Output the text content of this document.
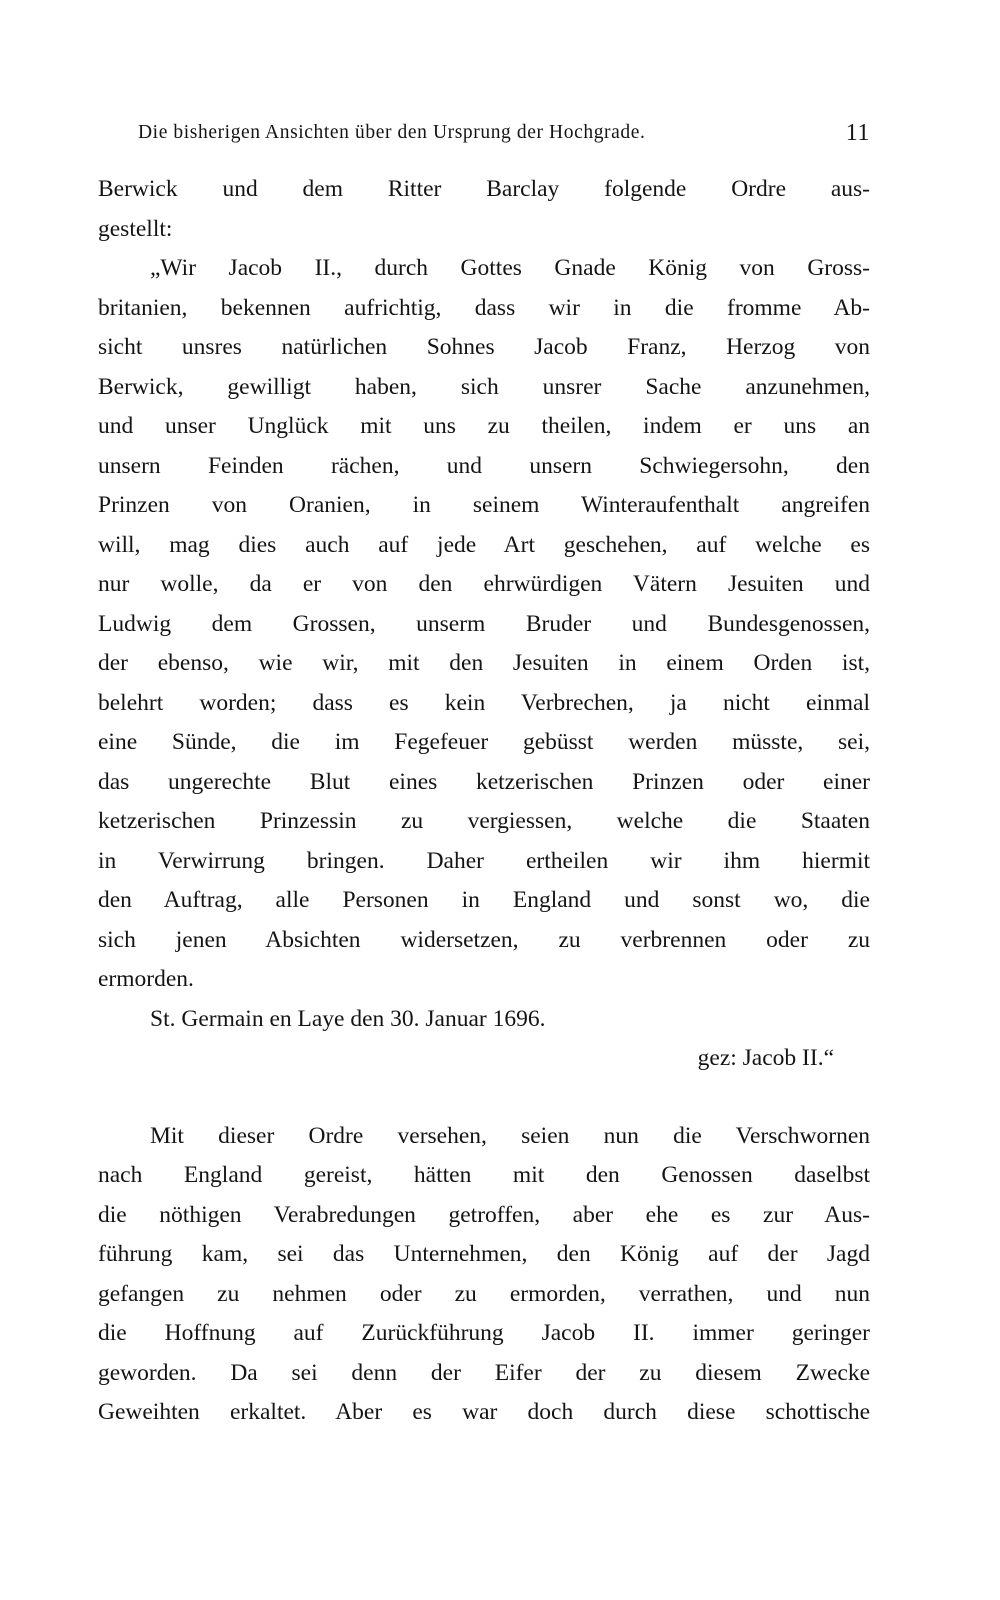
Die bisherigen Ansichten über den Ursprung der Hochgrade.	11
Berwick und dem Ritter Barclay folgende Ordre aus-
gestellt:
„Wir Jacob II., durch Gottes Gnade König von Gross-
britanien, bekennen aufrichtig, dass wir in die fromme Ab-
sicht unsres natürlichen Sohnes Jacob Franz, Herzog von
Berwick, gewilligt haben, sich unsrer Sache anzunehmen,
und unser Unglück mit uns zu theilen, indem er uns an
unsern Feinden rächen, und unsern Schwiegersohn, den
Prinzen von Oranien, in seinem Winteraufenthalt angreifen
will, mag dies auch auf jede Art geschehen, auf welche es
nur wolle, da er von den ehrwürdigen Vätern Jesuiten und
Ludwig dem Grossen, unserm Bruder und Bundesgenossen,
der ebenso, wie wir, mit den Jesuiten in einem Orden ist,
belehrt worden; dass es kein Verbrechen, ja nicht einmal
eine Sünde, die im Fegefeuer gebüsst werden müsste, sei,
das ungerechte Blut eines ketzerischen Prinzen oder einer
ketzerischen Prinzessin zu vergiessen, welche die Staaten
in Verwirrung bringen. Daher ertheilen wir ihm hiermit
den Auftrag, alle Personen in England und sonst wo, die
sich jenen Absichten widersetzen, zu verbrennen oder zu
ermorden.
St. Germain en Laye den 30. Januar 1696.
gez: Jacob II.“
Mit dieser Ordre versehen, seien nun die Verschwornen
nach England gereist, hätten mit den Genossen daselbst
die nöthigen Verabredungen getroffen, aber ehe es zur Aus-
führung kam, sei das Unternehmen, den König auf der Jagd
gefangen zu nehmen oder zu ermorden, verrathen, und nun
die Hoffnung auf Zurückführung Jacob II. immer geringer
geworden. Da sei denn der Eifer der zu diesem Zwecke
Geweihten erkaltet. Aber es war doch durch diese schottische
